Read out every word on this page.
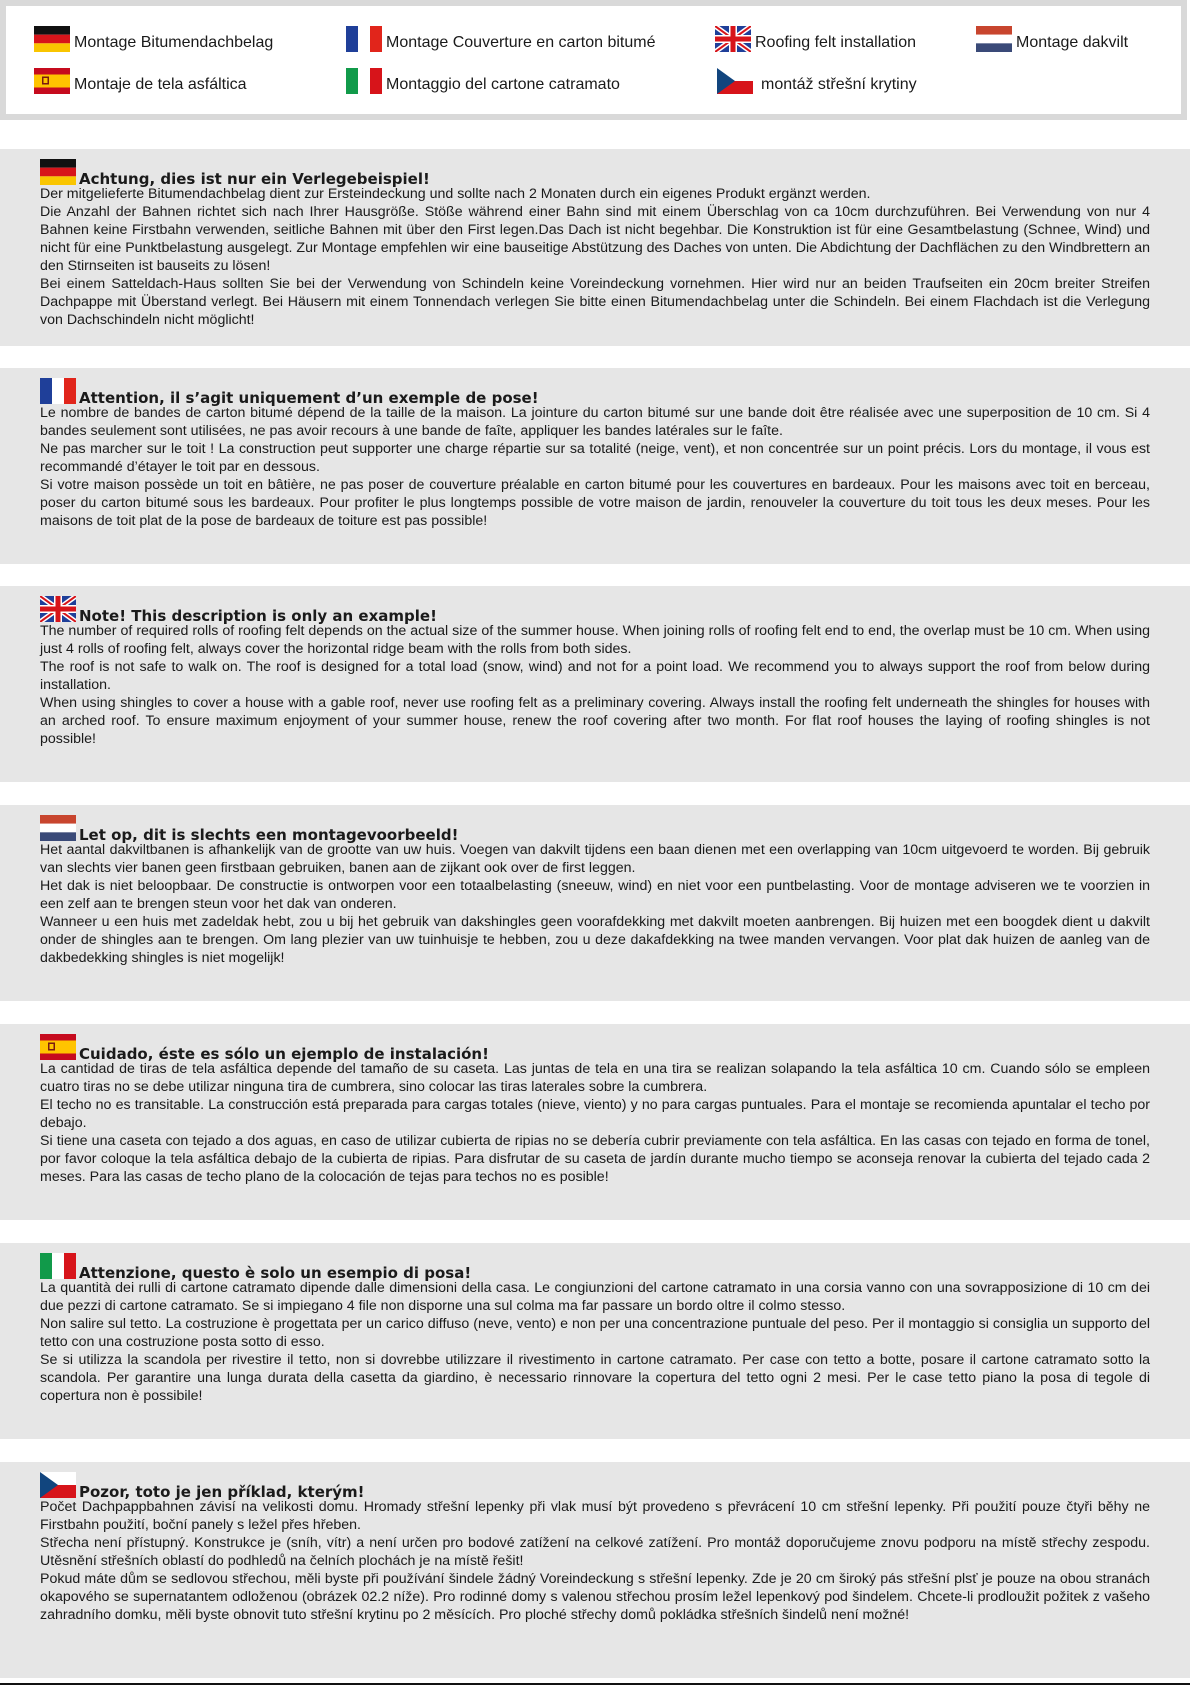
Montage Bitumendachbelag	Montage Couverture en carton bitumé	Roofing felt installation	Montage dakvilt
Montaje de tela asfáltica	Montaggio del cartone catramato	montáž střešní krytiny
Achtung, dies ist nur ein Verlegebeispiel!

Der mitgelieferte Bitumendachbelag dient zur Ersteindeckung und sollte nach 2 Monaten durch ein eigenes Produkt ergänzt werden.

Die Anzahl der Bahnen richtet sich nach Ihrer Hausgröße. Stöße während einer Bahn sind mit einem Überschlag von ca 10cm durchzuführen. Bei Verwendung von nur 4 Bahnen keine Firstbahn verwenden, seitliche Bahnen mit über den First legen.Das Dach ist nicht begehbar. Die Konstruktion ist für eine Gesamtbelastung (Schnee, Wind) und nicht für eine Punktbelastung ausgelegt. Zur Montage empfehlen wir eine bauseitige Abstützung des Daches von unten. Die Abdichtung der Dachflächen zu den Windbrettern an den Stirnseiten ist bauseits zu lösen!

Bei einem Satteldach-Haus sollten Sie bei der Verwendung von Schindeln keine Voreindeckung vornehmen. Hier wird nur an beiden Traufseiten ein 20cm breiter Streifen Dachpappe mit Überstand verlegt. Bei Häusern mit einem Tonnendach verlegen Sie bitte einen Bitumendachbelag unter die Schindeln. Bei einem Flachdach ist die Verlegung von Dachschindeln nicht möglicht!

Attention, il s’agit uniquement d’un exemple de pose!

Le nombre de bandes de carton bitumé dépend de la taille de la maison. La jointure du carton bitumé sur une bande doit être réalisée avec une superposition de 10 cm. Si 4 bandes seulement sont utilisées, ne pas avoir recours à une bande de faîte, appliquer les bandes latérales sur le faîte.

Ne pas marcher sur le toit ! La construction peut supporter une charge répartie sur sa totalité (neige, vent), et non concentrée sur un point précis. Lors du montage, il vous est recommandé d’étayer le toit par en dessous.

Si votre maison possède un toit en bâtière, ne pas poser de couverture préalable en carton bitumé pour les couvertures en bardeaux. Pour les maisons avec toit en berceau, poser du carton bitumé sous les bardeaux. Pour profiter le plus longtemps possible de votre maison de jardin, renouveler la couverture du toit tous les deux meses. Pour les maisons de toit plat de la pose de bardeaux de toiture est pas possible!

Note! This description is only an example!

The number of required rolls of roofing felt depends on the actual size of the summer house. When joining rolls of roofing felt end to end, the overlap must be 10 cm. When using just 4 rolls of roofing felt, always cover the horizontal ridge beam with the rolls from both sides.

The roof is not safe to walk on. The roof is designed for a total load (snow, wind) and not for a point load. We recommend you to always support the roof from below during installation.

When using shingles to cover a house with a gable roof, never use roofing felt as a preliminary covering. Always install the roofing felt underneath the shingles for houses with an arched roof. To ensure maximum enjoyment of your summer house, renew the roof covering after two month. For flat roof houses the laying of roofing shingles is not possible!

Let op, dit is slechts een montagevoorbeeld!

Het aantal dakviltbanen is afhankelijk van de grootte van uw huis. Voegen van dakvilt tijdens een baan dienen met een overlapping van 10cm uitgevoerd te worden. Bij gebruik van slechts vier banen geen firstbaan gebruiken, banen aan de zijkant ook over de first leggen.

Het dak is niet beloopbaar. De constructie is ontworpen voor een totaalbelasting (sneeuw, wind) en niet voor een puntbelasting. Voor de montage adviseren we te voorzien in een zelf aan te brengen steun voor het dak van onderen.

Wanneer u een huis met zadeldak hebt, zou u bij het gebruik van dakshingles geen voorafdekking met dakvilt moeten aanbrengen. Bij huizen met een boogdek dient u dakvilt onder de shingles aan te brengen. Om lang plezier van uw tuinhuisje te hebben, zou u deze dakafdekking na twee manden vervangen. Voor plat dak huizen de aanleg van de dakbedekking shingles is niet mogelijk!

Cuidado, éste es sólo un ejemplo de instalación!

La cantidad de tiras de tela asfáltica depende del tamaño de su caseta. Las juntas de tela en una tira se realizan solapando la tela asfáltica 10 cm. Cuando sólo se empleen cuatro tiras no se debe utilizar ninguna tira de cumbrera, sino colocar las tiras laterales sobre la cumbrera.

El techo no es transitable. La construcción está preparada para cargas totales (nieve, viento) y no para cargas puntuales. Para el montaje se recomienda apuntalar el techo por debajo.

Si tiene una caseta con tejado a dos aguas, en caso de utilizar cubierta de ripias no se debería cubrir previamente con tela asfáltica. En las casas con tejado en forma de tonel, por favor coloque la tela asfáltica debajo de la cubierta de ripias. Para disfrutar de su caseta de jardín durante mucho tiempo se aconseja renovar la cubierta del tejado cada 2 meses. Para las casas de techo plano de la colocación de tejas para techos no es posible!

Attenzione, questo è solo un esempio di posa!

La quantità dei rulli di cartone catramato dipende dalle dimensioni della casa. Le congiunzioni del cartone catramato in una corsia vanno con una sovrapposizione di 10 cm dei due pezzi di cartone catramato. Se si impiegano 4 file non disporne una sul colma ma far passare un bordo oltre il colmo stesso.

Non salire sul tetto. La costruzione è progettata per un carico diffuso (neve, vento) e non per una concentrazione puntuale del peso. Per il montaggio si consiglia un supporto del tetto con una costruzione posta sotto di esso.

Se si utilizza la scandola per rivestire il tetto, non si dovrebbe utilizzare il rivestimento in cartone catramato. Per case con tetto a botte, posare il cartone catramato sotto la scandola. Per garantire una lunga durata della casetta da giardino, è necessario rinnovare la copertura del tetto ogni 2 mesi. Per le case tetto piano la posa di tegole di copertura non è possibile!

Pozor, toto je jen příklad, kterým!

Počet Dachpappbahnen závisí na velikosti domu. Hromady střešní lepenky při vlak musí být provedeno s převrácení 10 cm střešní lepenky. Při použití pouze čtyři běhy ne Firstbahn použití, boční panely s ležel přes hřeben.

Střecha není přístupný. Konstrukce je (sníh, vítr) a není určen pro bodové zatížení na celkové zatížení. Pro montáž doporučujeme znovu podporu na místě střechy zespodu. Utěsnění střešních oblastí do podhledů na čelních plochách je na místě řešit!

Pokud máte dům se sedlovou střechou, měli byste při používání šindele žádný Voreindeckung s střešní lepenky. Zde je 20 cm široký pás střešní plsť je pouze na obou stranách okapového se supernatantem odloženou (obrázek 02.2 níže). Pro rodinné domy s valenou střechou prosím ležel lepenkový pod šindelem. Chcete-li prodloužit požitek z vašeho zahradního domku, měli byste obnovit tuto střešní krytinu po 2 měsících. Pro ploché střechy domů pokládka střešních šindelů není možné!
